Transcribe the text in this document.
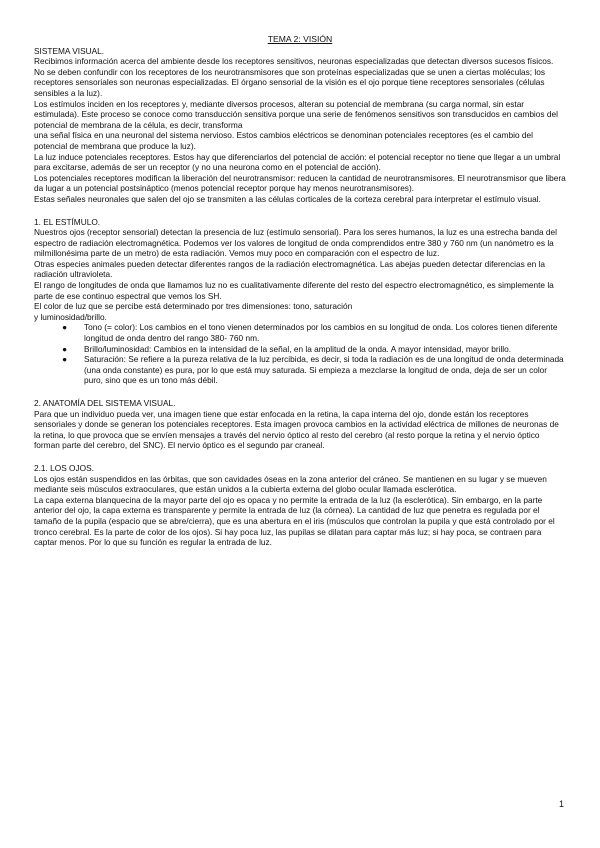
TEMA 2: VISIÓN

SISTEMA VISUAL.

Recibimos información acerca del ambiente desde los receptores sensitivos, neuronas especializadas que detectan diversos sucesos físicos. No se deben confundir con los receptores de los neurotransmisores que son proteínas especializadas que se unen a ciertas moléculas; los receptores sensoriales son neuronas especializadas. El órgano sensorial de la visión es el ojo porque tiene receptores sensoriales (células sensibles a la luz).

Los estímulos inciden en los receptores y, mediante diversos procesos, alteran su potencial de membrana (su carga normal, sin estar estimulada). Este proceso se conoce como transducción sensitiva porque una serie de fenómenos sensitivos son transducidos en cambios del potencial de membrana de la célula, es decir, transforma

una señal física en una neuronal del sistema nervioso. Estos cambios eléctricos se denominan potenciales receptores (es el cambio del potencial de membrana que produce la luz).

La luz induce potenciales receptores. Estos hay que diferenciarlos del potencial de acción: el potencial receptor no tiene que llegar a un umbral para excitarse, además de ser un receptor (y no una neurona como en el potencial de acción).

Los potenciales receptores modifican la liberación del neurotransmisor: reducen la cantidad de neurotransmisores. El neurotransmisor que libera da lugar a un potencial postsináptico (menos potencial receptor porque hay menos neurotransmisores).

Estas señales neuronales que salen del ojo se transmiten a las células corticales de la corteza cerebral para interpretar el estímulo visual.

1. EL ESTÍMULO.

Nuestros ojos (receptor sensorial) detectan la presencia de luz (estímulo sensorial). Para los seres humanos, la luz es una estrecha banda del espectro de radiación electromagnética. Podemos ver los valores de longitud de onda comprendidos entre 380 y 760 nm (un nanómetro es la milmillonésima parte de un metro) de esta radiación. Vemos muy poco en comparación con el espectro de luz.

Otras especies animales pueden detectar diferentes rangos de la radiación electromagnética. Las abejas pueden detectar diferencias en la radiación ultravioleta.

El rango de longitudes de onda que llamamos luz no es cualitativamente diferente del resto del espectro electromagnético, es simplemente la parte de ese continuo espectral que vemos los SH.

El color de luz que se percibe está determinado por tres dimensiones: tono, saturación

y luminosidad/brillo.

● Tono (= color): Los cambios en el tono vienen determinados por los cambios en su longitud de onda. Los colores tienen diferente longitud de onda dentro del rango 380- 760 nm.
● Brillo/luminosidad: Cambios en la intensidad de la señal, en la amplitud de la onda. A mayor intensidad, mayor brillo.
● Saturación: Se refiere a la pureza relativa de la luz percibida, es decir, si toda la radiación es de una longitud de onda determinada (una onda constante) es pura, por lo que está muy saturada. Si empieza a mezclarse la longitud de onda, deja de ser un color puro, sino que es un tono más débil.

2. ANATOMÍA DEL SISTEMA VISUAL.

Para que un individuo pueda ver, una imagen tiene que estar enfocada en la retina, la capa interna del ojo, donde están los receptores sensoriales y donde se generan los potenciales receptores. Esta imagen provoca cambios en la actividad eléctrica de millones de neuronas de la retina, lo que provoca que se envíen mensajes a través del nervio óptico al resto del cerebro (al resto porque la retina y el nervio óptico forman parte del cerebro, del SNC). El nervio óptico es el segundo par craneal.

2.1. LOS OJOS.

Los ojos están suspendidos en las órbitas, que son cavidades óseas en la zona anterior del cráneo. Se mantienen en su lugar y se mueven mediante seis músculos extraoculares, que están unidos a la cubierta externa del globo ocular llamada esclerótica.

La capa externa blanquecina de la mayor parte del ojo es opaca y no permite la entrada de la luz (la esclerótica). Sin embargo, en la parte anterior del ojo, la capa externa es transparente y permite la entrada de luz (la córnea). La cantidad de luz que penetra es regulada por el tamaño de la pupila (espacio que se abre/cierra), que es una abertura en el iris (músculos que controlan la pupila y que está controlado por el tronco cerebral. Es la parte de color de los ojos). Si hay poca luz, las pupilas se dilatan para captar más luz; si hay poca, se contraen para captar menos. Por lo que su función es regular la entrada de luz.

1
